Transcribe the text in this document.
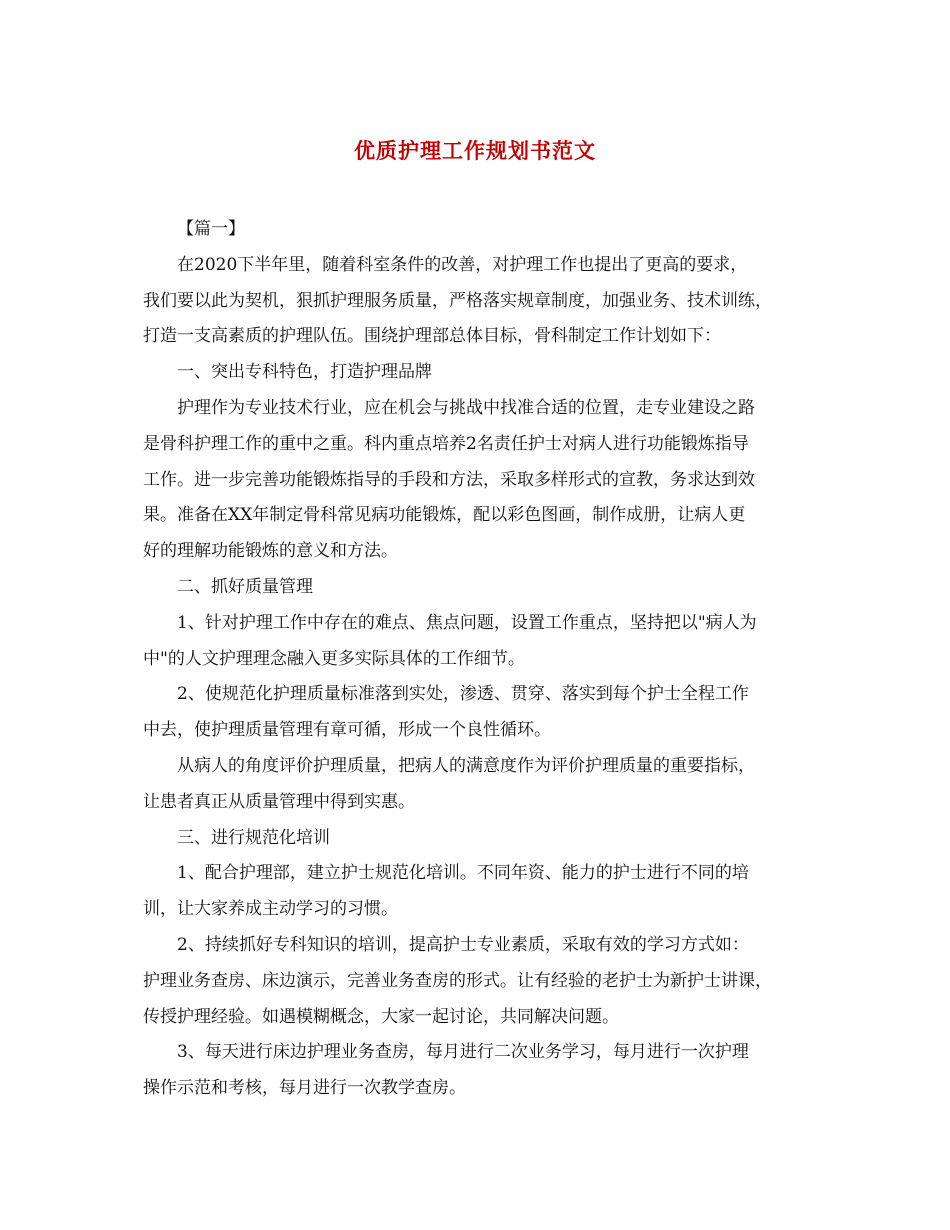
优质护理工作规划书范文
【篇一】
在2020下半年里，随着科室条件的改善，对护理工作也提出了更高的要求，
我们要以此为契机，狠抓护理服务质量，严格落实规章制度，加强业务、技术训练，
打造一支高素质的护理队伍。围绕护理部总体目标，骨科制定工作计划如下：
一、突出专科特色，打造护理品牌
护理作为专业技术行业，应在机会与挑战中找准合适的位置，走专业建设之路
是骨科护理工作的重中之重。科内重点培养2名责任护士对病人进行功能锻炼指导
工作。进一步完善功能锻炼指导的手段和方法，采取多样形式的宣教，务求达到效
果。准备在XX年制定骨科常见病功能锻炼，配以彩色图画，制作成册，让病人更
好的理解功能锻炼的意义和方法。
二、抓好质量管理
1、针对护理工作中存在的难点、焦点问题，设置工作重点，坚持把以"病人为
中"的人文护理理念融入更多实际具体的工作细节。
2、使规范化护理质量标准落到实处，渗透、贯穿、落实到每个护士全程工作
中去，使护理质量管理有章可循，形成一个良性循环。
从病人的角度评价护理质量，把病人的满意度作为评价护理质量的重要指标，
让患者真正从质量管理中得到实惠。
三、进行规范化培训
1、配合护理部，建立护士规范化培训。不同年资、能力的护士进行不同的培
训，让大家养成主动学习的习惯。
2、持续抓好专科知识的培训，提高护士专业素质，采取有效的学习方式如：
护理业务查房、床边演示，完善业务查房的形式。让有经验的老护士为新护士讲课，
传授护理经验。如遇模糊概念，大家一起讨论，共同解决问题。
3、每天进行床边护理业务查房，每月进行二次业务学习，每月进行一次护理
操作示范和考核，每月进行一次教学查房。
